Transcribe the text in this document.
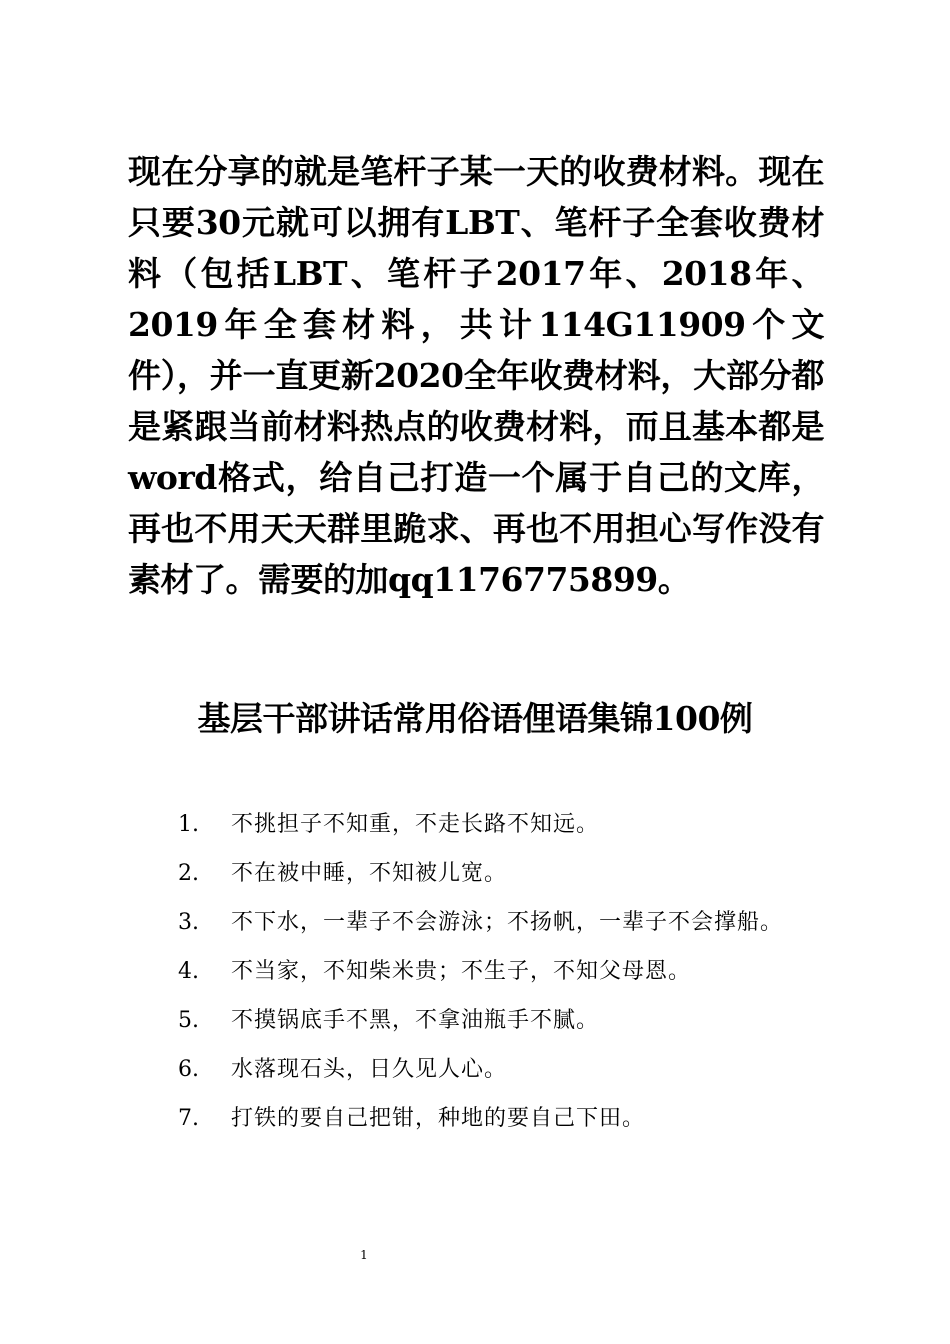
现在分享的就是笔杆子某一天的收费材料。现在只要30元就可以拥有LBT、笔杆子全套收费材料（包括LBT、笔杆子2017年、2018年、2019年全套材料，共计114G11909个文件），并一直更新2020全年收费材料，大部分都是紧跟当前材料热点的收费材料，而且基本都是word格式，给自己打造一个属于自己的文库，再也不用天天群里跪求、再也不用担心写作没有素材了。需要的加qq1176775899。
基层干部讲话常用俗语俚语集锦100例
1. 不挑担子不知重，不走长路不知远。
2. 不在被中睡，不知被儿宽。
3. 不下水，一辈子不会游泳；不扬帆，一辈子不会撑船。
4. 不当家，不知柴米贵；不生子，不知父母恩。
5. 不摸锅底手不黑，不拿油瓶手不腻。
6. 水落现石头，日久见人心。
7. 打铁的要自己把钳，种地的要自己下田。
1
